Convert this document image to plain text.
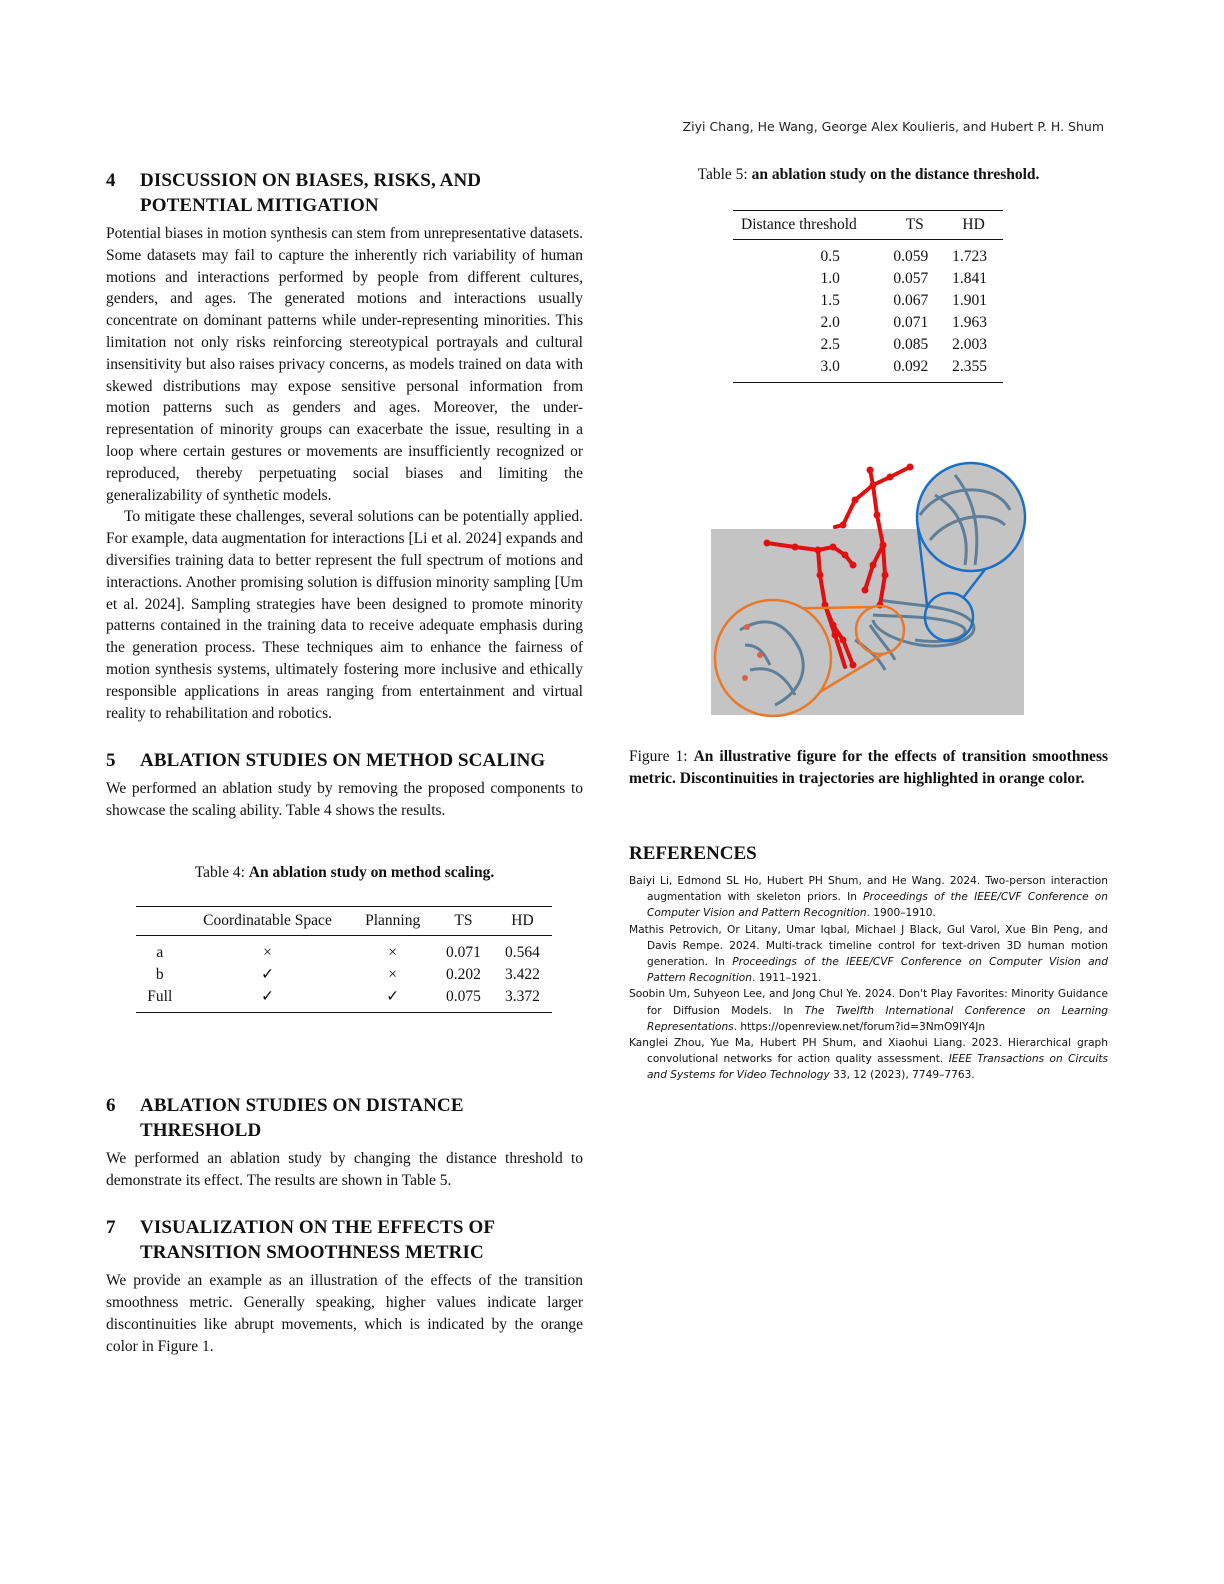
Ziyi Chang, He Wang, George Alex Koulieris, and Hubert P. H. Shum
4 DISCUSSION ON BIASES, RISKS, AND POTENTIAL MITIGATION

Potential biases in motion synthesis can stem from unrepresentative datasets. Some datasets may fail to capture the inherently rich variability of human motions and interactions performed by people from different cultures, genders, and ages. The generated motions and interactions usually concentrate on dominant patterns while under-representing minorities. This limitation not only risks reinforcing stereotypical portrayals and cultural insensitivity but also raises privacy concerns, as models trained on data with skewed distributions may expose sensitive personal information from motion patterns such as genders and ages. Moreover, the under-representation of minority groups can exacerbate the issue, resulting in a loop where certain gestures or movements are insufficiently recognized or reproduced, thereby perpetuating social biases and limiting the generalizability of synthetic models.

To mitigate these challenges, several solutions can be potentially applied. For example, data augmentation for interactions [Li et al. 2024] expands and diversifies training data to better represent the full spectrum of motions and interactions. Another promising solution is diffusion minority sampling [Um et al. 2024]. Sampling strategies have been designed to promote minority patterns contained in the training data to receive adequate emphasis during the generation process. These techniques aim to enhance the fairness of motion synthesis systems, ultimately fostering more inclusive and ethically responsible applications in areas ranging from entertainment and virtual reality to rehabilitation and robotics.

5 ABLATION STUDIES ON METHOD SCALING

We performed an ablation study by removing the proposed components to showcase the scaling ability. Table 4 shows the results.

Table 4: An ablation study on method scaling.
	Coordinatable Space	Planning	TS	HD
a	×	×	0.071	0.564
b	✓	×	0.202	3.422
Full	✓	✓	0.075	3.372
6 ABLATION STUDIES ON DISTANCE THRESHOLD

We performed an ablation study by changing the distance threshold to demonstrate its effect. The results are shown in Table 5.

7 VISUALIZATION ON THE EFFECTS OF TRANSITION SMOOTHNESS METRIC

We provide an example as an illustration of the effects of the transition smoothness metric. Generally speaking, higher values indicate larger discontinuities like abrupt movements, which is indicated by the orange color in Figure 1.

Table 5: an ablation study on the distance threshold.
Distance threshold	TS	HD
0.5	0.059	1.723
1.0	0.057	1.841
1.5	0.067	1.901
2.0	0.071	1.963
2.5	0.085	2.003
3.0	0.092	2.355

Figure 1: An illustrative figure for the effects of transition smoothness metric. Discontinuities in trajectories are highlighted in orange color.

REFERENCES
Baiyi Li, Edmond SL Ho, Hubert PH Shum, and He Wang. 2024. Two-person interaction augmentation with skeleton priors. In Proceedings of the IEEE/CVF Conference on Computer Vision and Pattern Recognition. 1900–1910.
Mathis Petrovich, Or Litany, Umar Iqbal, Michael J Black, Gul Varol, Xue Bin Peng, and Davis Rempe. 2024. Multi-track timeline control for text-driven 3D human motion generation. In Proceedings of the IEEE/CVF Conference on Computer Vision and Pattern Recognition. 1911–1921.
Soobin Um, Suhyeon Lee, and Jong Chul Ye. 2024. Don't Play Favorites: Minority Guidance for Diffusion Models. In The Twelfth International Conference on Learning Representations. https://openreview.net/forum?id=3NmO9lY4Jn
Kanglei Zhou, Yue Ma, Hubert PH Shum, and Xiaohui Liang. 2023. Hierarchical graph convolutional networks for action quality assessment. IEEE Transactions on Circuits and Systems for Video Technology 33, 12 (2023), 7749–7763.
